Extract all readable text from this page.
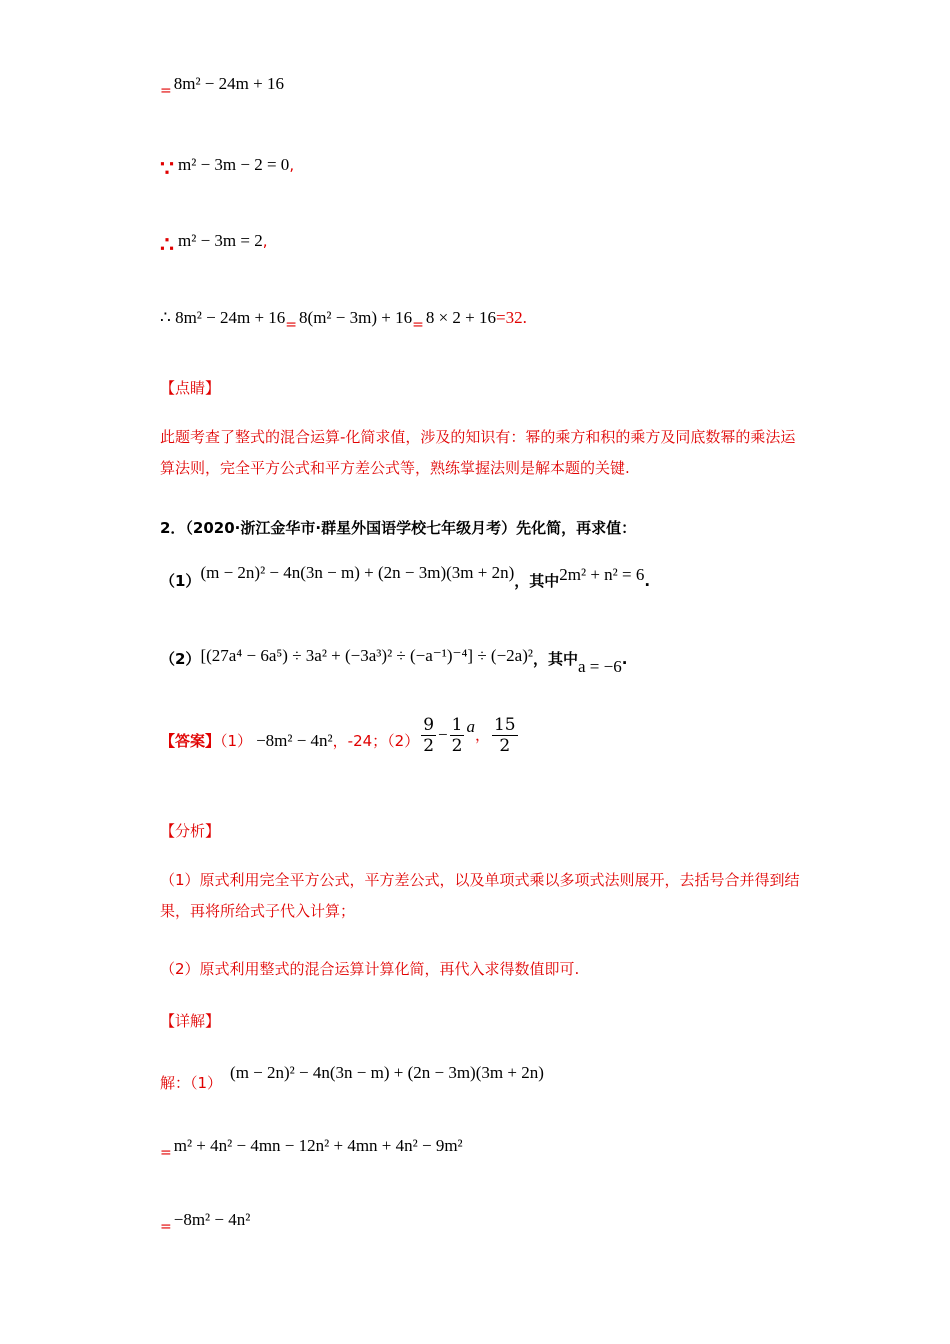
= 8m² − 24m + 16
∵ m² − 3m − 2 = 0,
∴ m² − 3m = 2,
∴ 8m² − 24m + 16= 8(m² − 3m) + 16= 8 × 2 + 16=32.
【点睛】
此题考查了整式的混合运算-化简求值，涉及的知识有：幂的乘方和积的乘方及同底数幂的乘法运算法则，完全平方公式和平方差公式等，熟练掌握法则是解本题的关键.
2．（2020·浙江金华市·群星外国语学校七年级月考）先化简，再求值：
（1）(m − 2n)² − 4n(3n − m) + (2n − 3m)(3m + 2n)，其中2m² + n² = 6.
（2）[(27a⁴ − 6a⁵) ÷ 3a² + (−3a³)² ÷ (−a⁻¹)⁻⁴] ÷ (−2a)²，其中a = −6.
【答案】（1） −8m² − 4n²，-24；$(2) \frac{9}{2} - \frac{1}{2}$ a， $\frac{15}{2}$
【分析】
（1）原式利用完全平方公式，平方差公式，以及单项式乘以多项式法则展开，去括号合并得到结果，再将所给式子代入计算；
（2）原式利用整式的混合运算计算化简，再代入求得数值即可.
【详解】
解：（1）(m − 2n)² − 4n(3n − m) + (2n − 3m)(3m + 2n)
= m² + 4n² − 4mn − 12n² + 4mn + 4n² − 9m²
= −8m² − 4n²
